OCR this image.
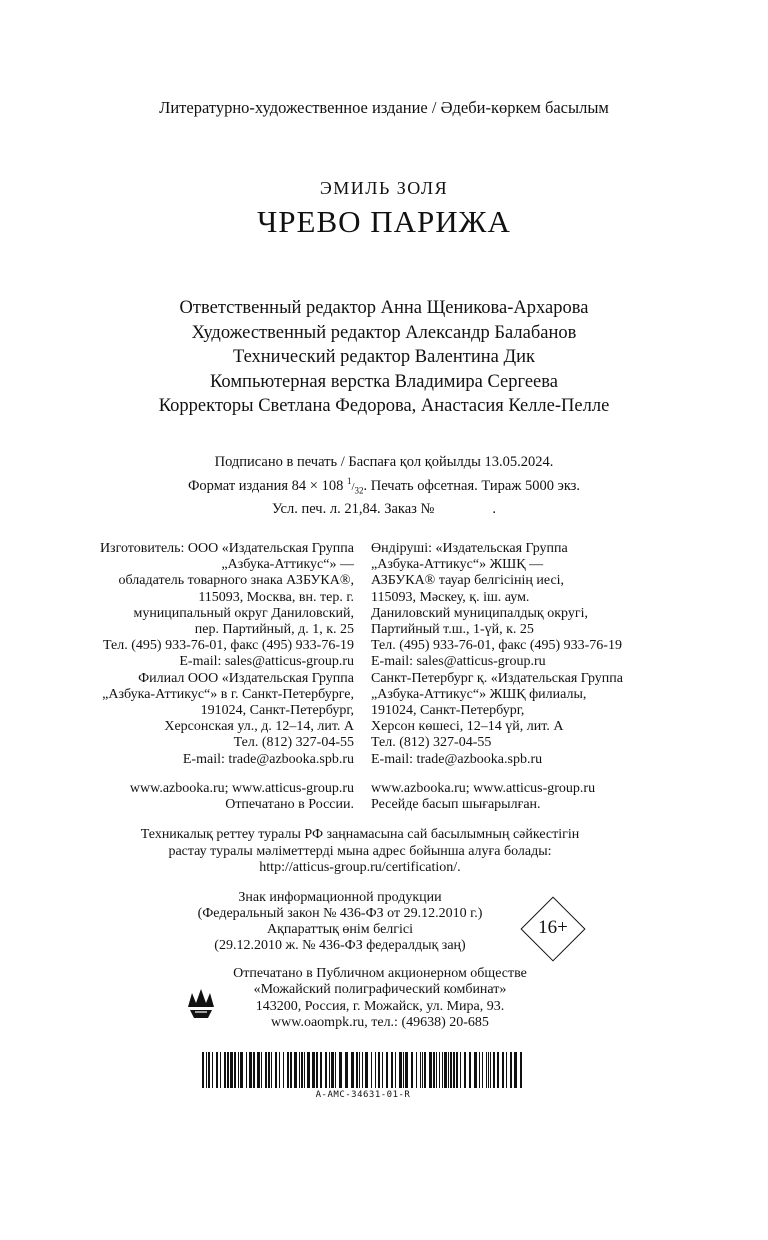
Литературно-художественное издание / Әдеби-көркем басылым
ЭМИЛЬ ЗОЛЯ
ЧРЕВО ПАРИЖА
Ответственный редактор Анна Щеникова-Архарова
Художественный редактор Александр Балабанов
Технический редактор Валентина Дик
Компьютерная верстка Владимира Сергеева
Корректоры Светлана Федорова, Анастасия Келле-Пелле
Подписано в печать / Баспаға қол қойылды 13.05.2024.
Формат издания 84 × 108 $^1/_{32}$. Печать офсетная. Тираж 5000 экз.
Усл. печ. л. 21,84. Заказ №                .

Изготовитель: ООО «Издательская Группа

„Азбука-Аттикус“» —

обладатель товарного знака АЗБУКА®,

115093, Москва, вн. тер. г.

муниципальный округ Даниловский,

пер. Партийный, д. 1, к. 25

Тел. (495) 933-76-01, факс (495) 933-76-19

E-mail: sales@atticus-group.ru

Филиал ООО «Издательская Группа

„Азбука-Аттикус“» в г. Санкт-Петербурге,

191024, Санкт-Петербург,

Херсонская ул., д. 12–14, лит. А

Тел. (812) 327-04-55

E-mail: trade@azbooka.spb.ru

www.azbooka.ru; www.atticus-group.ru

Отпечатано в России.

Өндіруші: «Издательская Группа

„Азбука-Аттикус“» ЖШҚ —

АЗБУКА® тауар белгісінің иесі,

115093, Мәскеу, қ. іш. аум.

Даниловский муниципалдық округі,

Партийный т.ш., 1-үй, к. 25

Тел. (495) 933-76-01, факс (495) 933-76-19

E-mail: sales@atticus-group.ru

Санкт-Петербург қ. «Издательская Группа

„Азбука-Аттикус“» ЖШҚ филиалы,

191024, Санкт-Петербург,

Херсон көшесі, 12–14 үй, лит. А

Тел. (812) 327-04-55

E-mail: trade@azbooka.spb.ru

www.azbooka.ru; www.atticus-group.ru

Ресейде басып шығарылған.

Техникалық реттеу туралы РФ заңнамасына сай басылымның сәйкестігін
растау туралы мәліметтерді мына адрес бойынша алуға болады:
http://atticus-group.ru/certification/.
Знак информационной продукции
(Федеральный закон № 436-ФЗ от 29.12.2010 г.)
Ақпараттық өнім белгісі
(29.12.2010 ж. № 436-ФЗ федералдық заң)
16+
Отпечатано в Публичном акционерном обществе
«Можайский полиграфический комбинат»
143200, Россия, г. Можайск, ул. Мира, 93.
www.oaompk.ru, тел.: (49638) 20-685
A-AMC-34631-01-R
